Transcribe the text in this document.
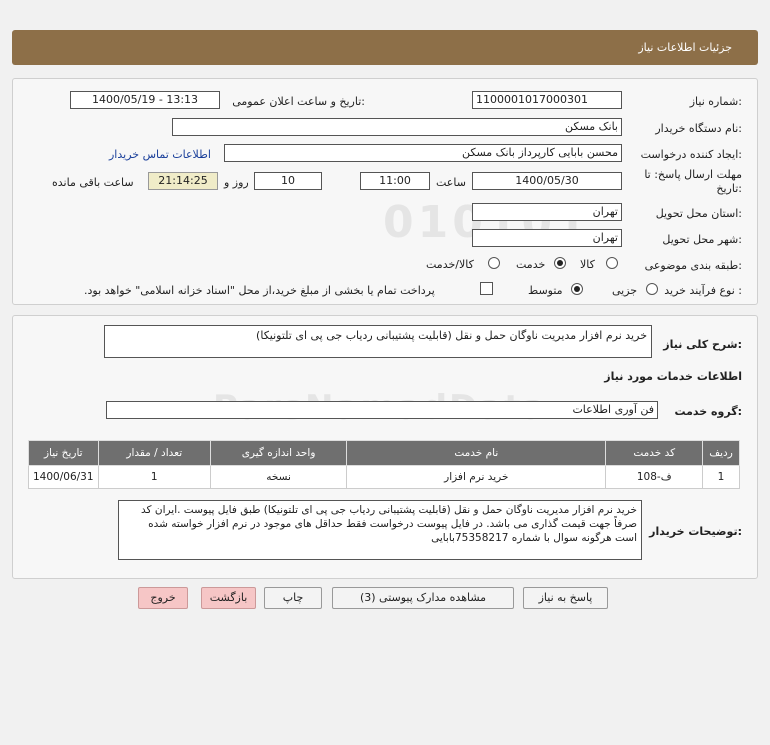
جزئیات اطلاعات نیاز
010101
شماره نیاز:
1100001017000301
تاریخ و ساعت اعلان عمومی:
1400/05/19 - 13:13
نام دستگاه خریدار:
بانک مسکن
ایجاد کننده درخواست:
محسن بابایی کارپرداز بانک مسکن
اطلاعات تماس خریدار
مهلت ارسال پاسخ: تا
تاریخ:
1400/05/30
ساعت
11:00
10
روز و
21:14:25
ساعت باقی مانده
استان محل تحویل:
تهران
شهر محل تحویل:
تهران
طبقه بندی موضوعی:
کالا
خدمت
کالا/خدمت
نوع فرآیند خرید :
جزیی
متوسط
پرداخت تمام یا بخشی از مبلغ خرید،از محل "اسناد خزانه اسلامی" خواهد بود.
شرح کلی نیاز:
خرید نرم افزار مدیریت ناوگان حمل و نقل (قابلیت پشتیبانی ردیاب جی پی ای تلتونیکا)
اطلاعات خدمات مورد نیاز
گروه خدمت:
فن آوری اطلاعات
ردیف	کد خدمت	نام خدمت	واحد اندازه گیری	تعداد / مقدار	تاریخ نیاز
1	ف-108	خرید نرم افزار	نسخه	1	1400/06/31
توضیحات خریدار:
خرید نرم افزار مدیریت ناوگان حمل و نقل (قابلیت پشتیبانی ردیاب جی پی ای تلتونیکا) طبق فایل پیوست .ایران کد صرفاً جهت قیمت گذاری می باشد. در فایل پیوست درخواست فقط حداقل های موجود در نرم افزار خواسته شده است هرگونه سوال با شماره 75358217بابایی
پاسخ به نیاز
مشاهده مدارک پیوستی (3)
چاپ
بازگشت
خروج
